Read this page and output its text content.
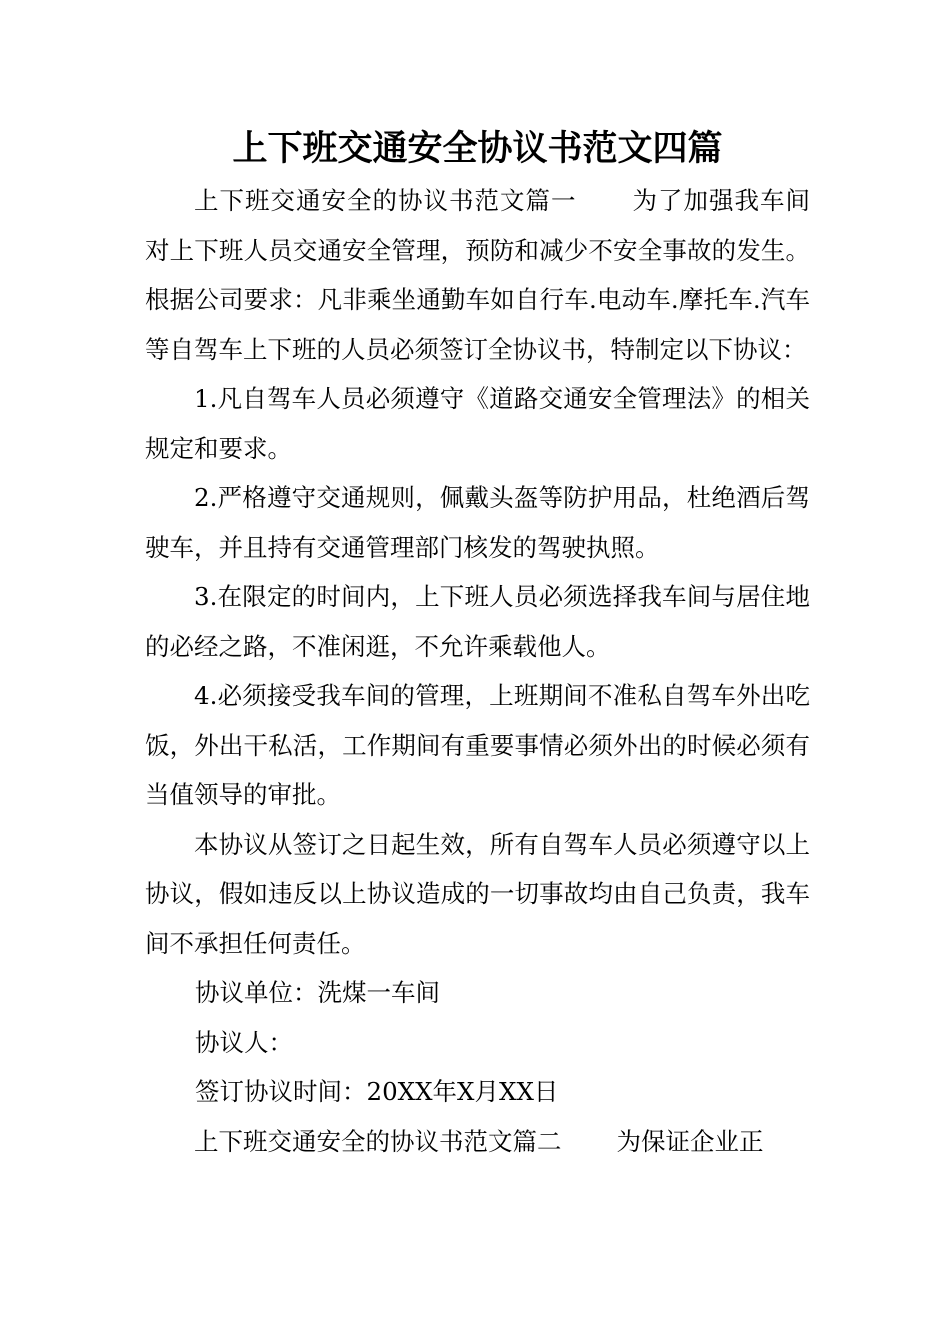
上下班交通安全协议书范文四篇

上下班交通安全的协议书范文篇一 为了加强我车间对上下班人员交通安全管理，预防和减少不安全事故的发生。根据公司要求：凡非乘坐通勤车如自行车.电动车.摩托车.汽车等自驾车上下班的人员必须签订全协议书，特制定以下协议：

1.凡自驾车人员必须遵守《道路交通安全管理法》的相关规定和要求。

2.严格遵守交通规则，佩戴头盔等防护用品，杜绝酒后驾驶车，并且持有交通管理部门核发的驾驶执照。

3.在限定的时间内，上下班人员必须选择我车间与居住地的必经之路，不准闲逛，不允许乘载他人。

4.必须接受我车间的管理，上班期间不准私自驾车外出吃饭，外出干私活，工作期间有重要事情必须外出的时候必须有当值领导的审批。

本协议从签订之日起生效，所有自驾车人员必须遵守以上协议，假如违反以上协议造成的一切事故均由自己负责，我车间不承担任何责任。

协议单位：洗煤一车间

协议人：

签订协议时间：20XX年X月XX日

上下班交通安全的协议书范文篇二 为保证企业正
